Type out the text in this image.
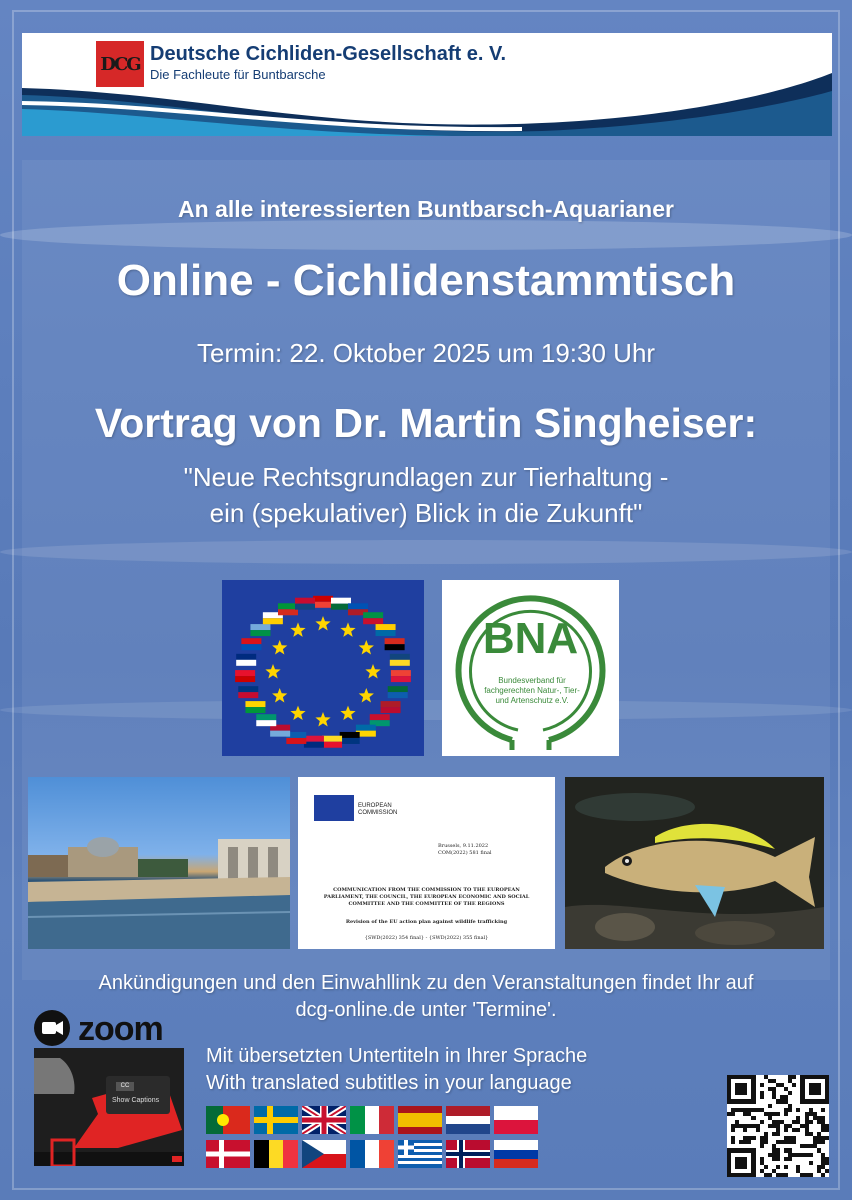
DCG Deutsche Cichliden-Gesellschaft e. V.
Die Fachleute für Buntbarsche
An alle interessierten Buntbarsch-Aquarianer
Online - Cichlidenstammtisch
Termin: 22. Oktober 2025 um 19:30 Uhr
Vortrag von Dr. Martin Singheiser:
"Neue Rechtsgrundlagen zur Tierhaltung -
ein (spekulativer) Blick in die Zukunft"
BNA
Bundesverband für
fachgerechten Natur-, Tier-
und Artenschutz e.V.
EUROPEAN
COMMISSION
Brussels, 9.11.2022
COM(2022) 581 final
COMMUNICATION FROM THE COMMISSION TO THE EUROPEAN
PARLIAMENT, THE COUNCIL, THE EUROPEAN ECONOMIC AND SOCIAL
COMMITTEE AND THE COMMITTEE OF THE REGIONS
Revision of the EU action plan against wildlife trafficking
{SWD(2022) 354 final} - {SWD(2022) 355 final}
Ankündigungen und den Einwahllink zu den Veranstaltungen findet Ihr auf
dcg-online.de unter 'Termine'.
zoom
CC
Show Captions
Mit übersetzten Untertiteln in Ihrer Sprache
With translated subtitles in your language
